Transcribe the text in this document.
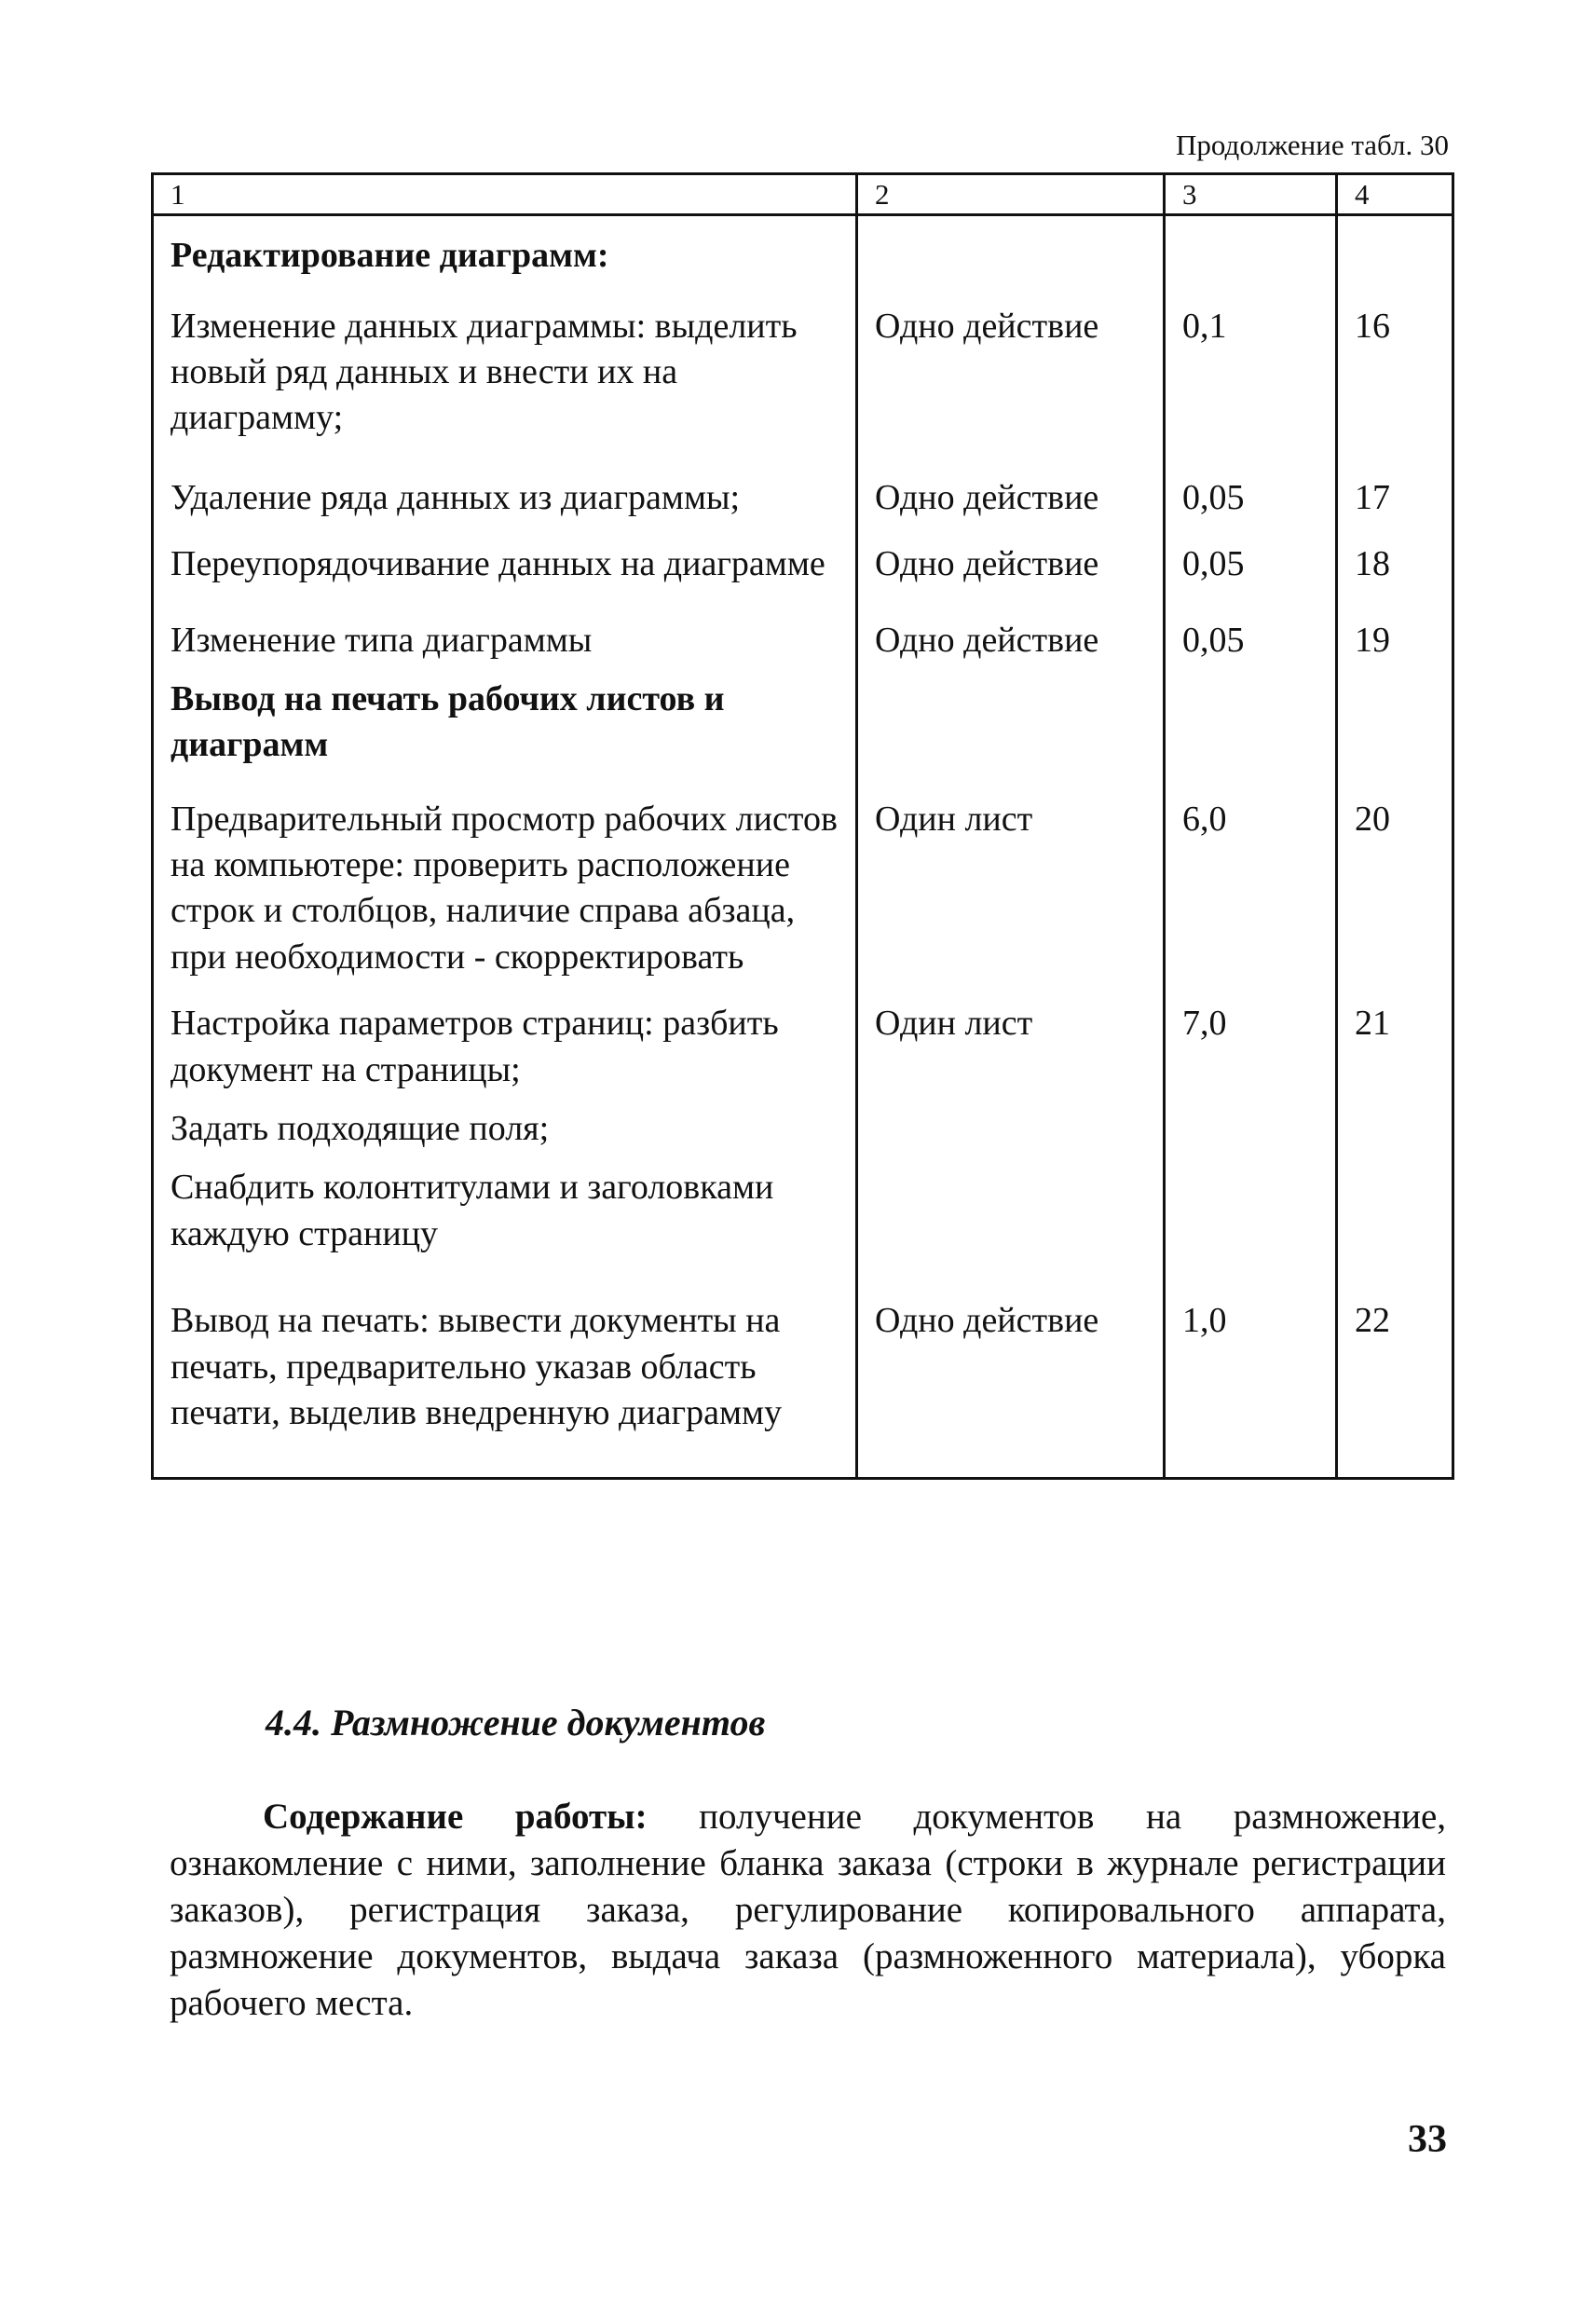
Продолжение табл. 30
1	2	3	4
Редактирование диаграмм:			
Изменение данных диаграммы: выделить новый ряд данных и внести их на диаграмму;	Одно действие	0,1	16
Удаление ряда данных из диаграммы;	Одно действие	0,05	17
Переупорядочивание данных на диаграмме	Одно действие	0,05	18
Изменение типа диаграммы	Одно действие	0,05	19
Вывод на печать рабочих листов и диаграмм			
Предварительный просмотр рабочих листов на компьютере: проверить расположение строк и столбцов, наличие справа абзаца, при необходимости - скорректировать	Один лист	6,0	20

Настройка параметров страниц: разбить документ на страницы;
Задать подходящие поля;
Снабдить колонтитулами и заголовками каждую страницу	Один лист	7,0	21
Вывод на печать: вывести документы на печать, предварительно указав область печати, выделив внедренную диаграмму	Одно действие	1,0	22
4.4. Размножение документов

Содержание работы: получение документов на размножение, ознакомление с ними, заполнение бланка заказа (строки в журнале регистрации заказов), регистрация заказа, регулирование копировального аппарата, размножение документов, выдача заказа (размноженного материала), уборка рабочего места.

33
